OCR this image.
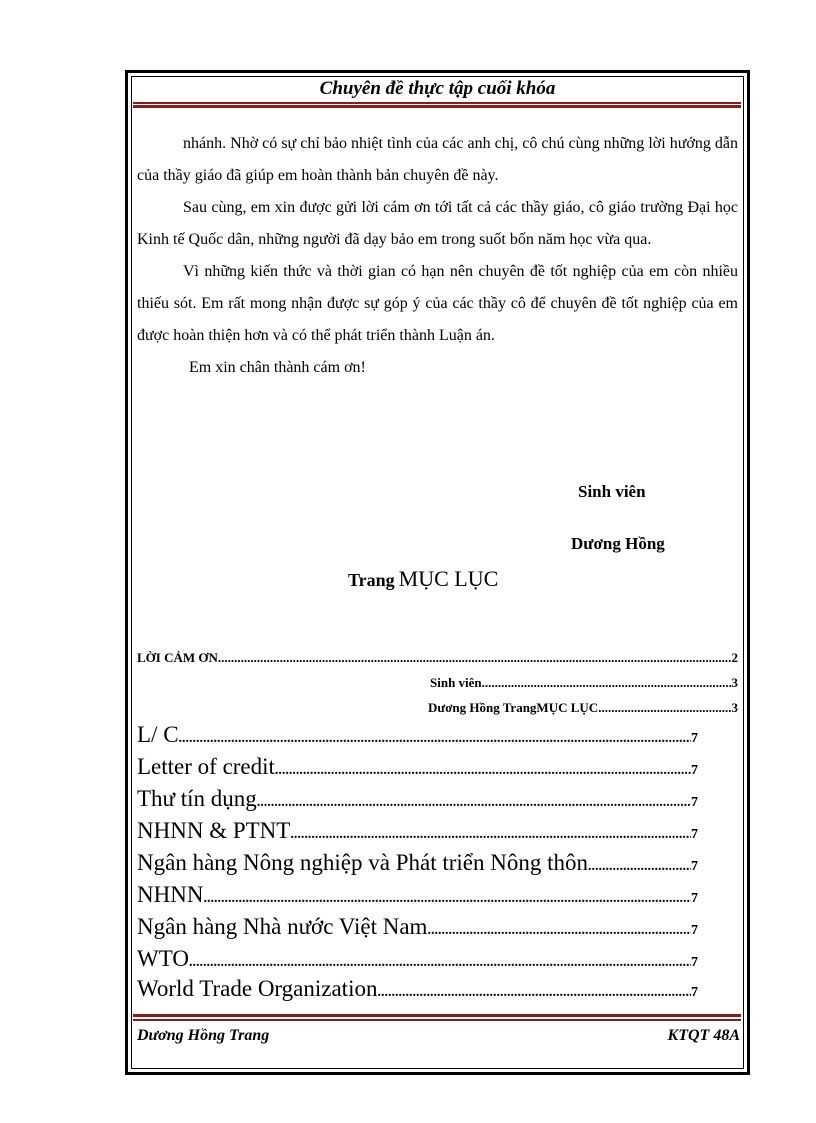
Chuyên đề thực tập cuối khóa

nhánh. Nhờ có sự chỉ bảo nhiệt tình của các anh chị, cô chú cùng những lời hướng dẫn của thầy giáo đã giúp em hoàn thành bản chuyên đề này.

Sau cùng, em xin được gửi lời cám ơn tới tất cả các thầy giáo, cô giáo trường Đại học Kinh tế Quốc dân, những người đã dạy bảo em trong suốt bốn năm học vừa qua.

Vì những kiến thức và thời gian có hạn nên chuyên đề tốt nghiệp của em còn nhiều thiếu sót. Em rất mong nhận được sự góp ý của các thầy cô để chuyên đề tốt nghiệp của em được hoàn thiện hơn và có thể phát triển thành Luận án.

Em xin chân thành cám ơn!

Sinh viên
Dương Hồng
Trang MỤC LỤC
LỜI CẢM ƠN .....	2
Sinh viên .....	3
Dương Hồng TrangMỤC LỤC .....	3
L/ C .....	7
Letter of credit .....	7
Thư tín dụng .....	7
NHNN & PTNT .....	7
Ngân hàng Nông nghiệp và Phát triển Nông thôn .....	7
NHNN .....	7
Ngân hàng Nhà nước Việt Nam .....	7
WTO .....	7
World Trade Organization .....	7
Dương Hồng Trang	KTQT 48A
